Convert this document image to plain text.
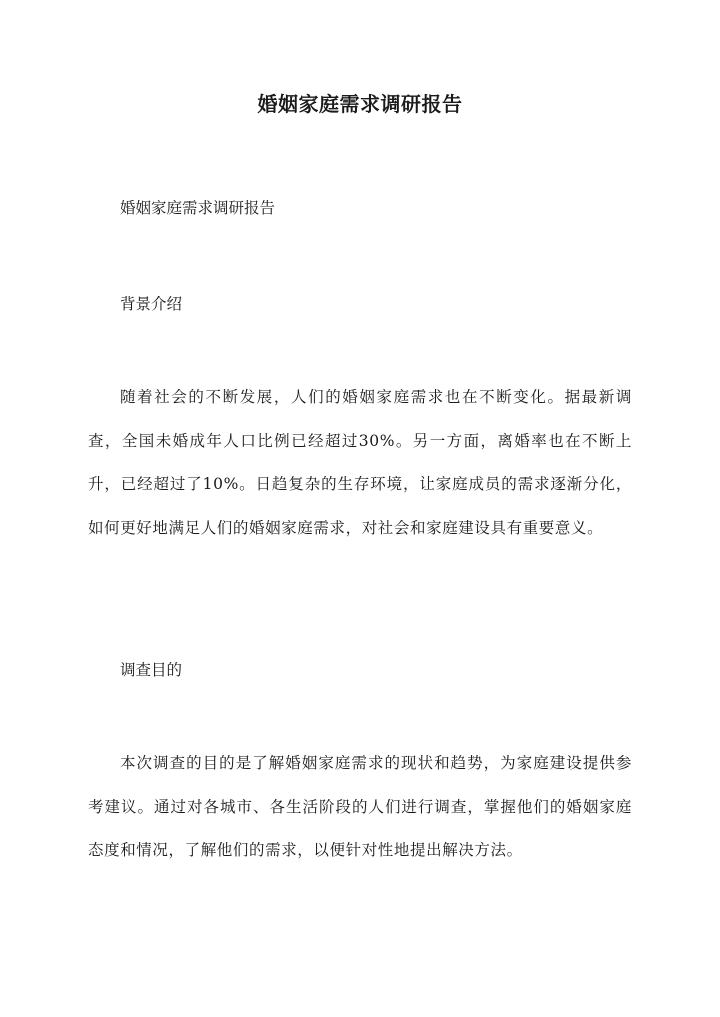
婚姻家庭需求调研报告
婚姻家庭需求调研报告
背景介绍
随着社会的不断发展，人们的婚姻家庭需求也在不断变化。据最新调查，全国未婚成年人口比例已经超过30%。另一方面，离婚率也在不断上升，已经超过了10%。日趋复杂的生存环境，让家庭成员的需求逐渐分化，如何更好地满足人们的婚姻家庭需求，对社会和家庭建设具有重要意义。
调查目的
本次调查的目的是了解婚姻家庭需求的现状和趋势，为家庭建设提供参考建议。通过对各城市、各生活阶段的人们进行调查，掌握他们的婚姻家庭态度和情况，了解他们的需求，以便针对性地提出解决方法。
